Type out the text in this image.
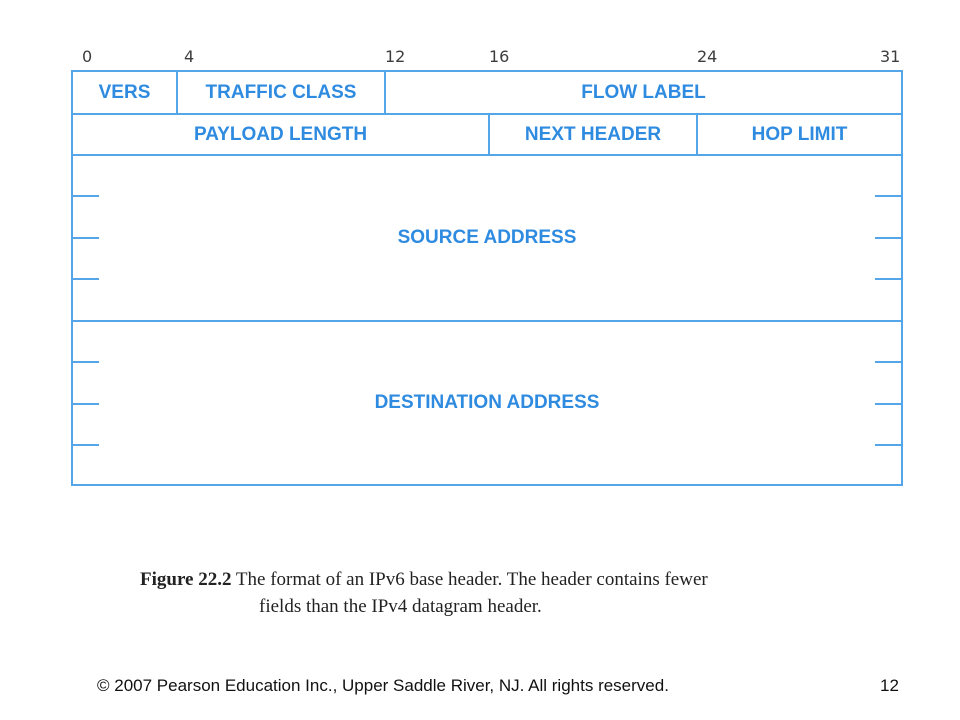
0	4	12	16	24	31
VERS	TRAFFIC CLASS	FLOW LABEL
PAYLOAD LENGTH	NEXT HEADER	HOP LIMIT
SOURCE ADDRESS
DESTINATION ADDRESS
Figure 22.2 The format of an IPv6 base header. The header contains fewer
fields than the IPv4 datagram header.
© 2007 Pearson Education Inc., Upper Saddle River, NJ. All rights reserved.	12
